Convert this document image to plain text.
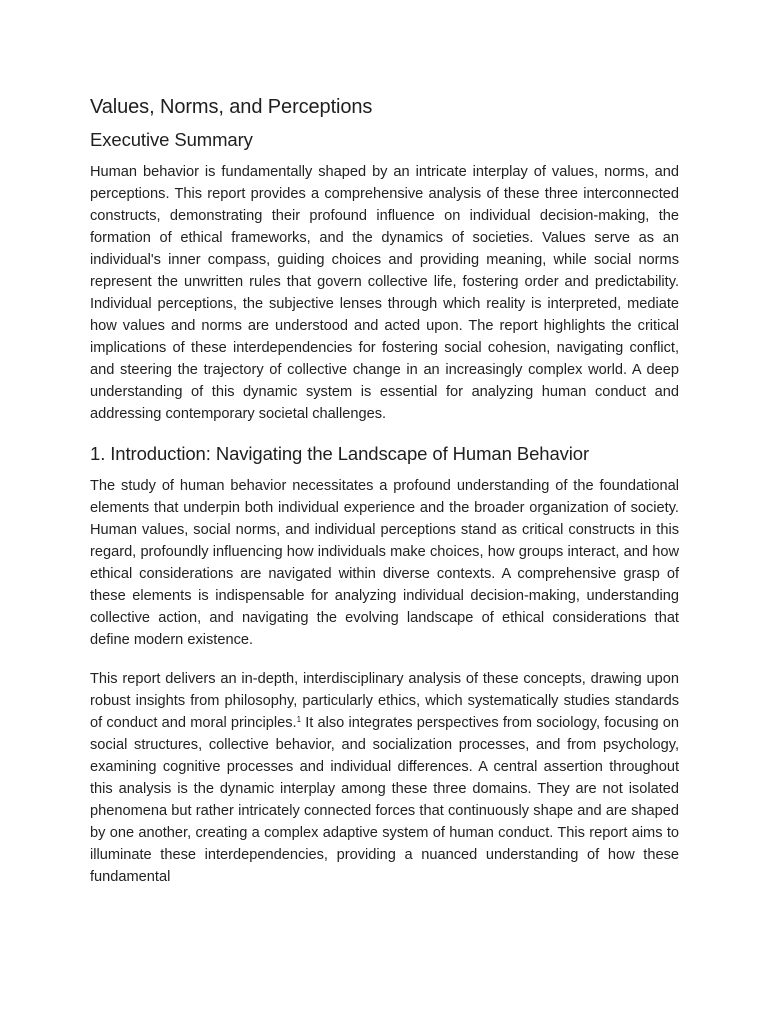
Values, Norms, and Perceptions
Executive Summary

Human behavior is fundamentally shaped by an intricate interplay of values, norms, and perceptions. This report provides a comprehensive analysis of these three interconnected constructs, demonstrating their profound influence on individual decision-making, the formation of ethical frameworks, and the dynamics of societies. Values serve as an individual's inner compass, guiding choices and providing meaning, while social norms represent the unwritten rules that govern collective life, fostering order and predictability. Individual perceptions, the subjective lenses through which reality is interpreted, mediate how values and norms are understood and acted upon. The report highlights the critical implications of these interdependencies for fostering social cohesion, navigating conflict, and steering the trajectory of collective change in an increasingly complex world. A deep understanding of this dynamic system is essential for analyzing human conduct and addressing contemporary societal challenges.

1. Introduction: Navigating the Landscape of Human Behavior

The study of human behavior necessitates a profound understanding of the foundational elements that underpin both individual experience and the broader organization of society. Human values, social norms, and individual perceptions stand as critical constructs in this regard, profoundly influencing how individuals make choices, how groups interact, and how ethical considerations are navigated within diverse contexts. A comprehensive grasp of these elements is indispensable for analyzing individual decision-making, understanding collective action, and navigating the evolving landscape of ethical considerations that define modern existence.

This report delivers an in-depth, interdisciplinary analysis of these concepts, drawing upon robust insights from philosophy, particularly ethics, which systematically studies standards of conduct and moral principles.$^1$ It also integrates perspectives from sociology, focusing on social structures, collective behavior, and socialization processes, and from psychology, examining cognitive processes and individual differences. A central assertion throughout this analysis is the dynamic interplay among these three domains. They are not isolated phenomena but rather intricately connected forces that continuously shape and are shaped by one another, creating a complex adaptive system of human conduct. This report aims to illuminate these interdependencies, providing a nuanced understanding of how these fundamental
